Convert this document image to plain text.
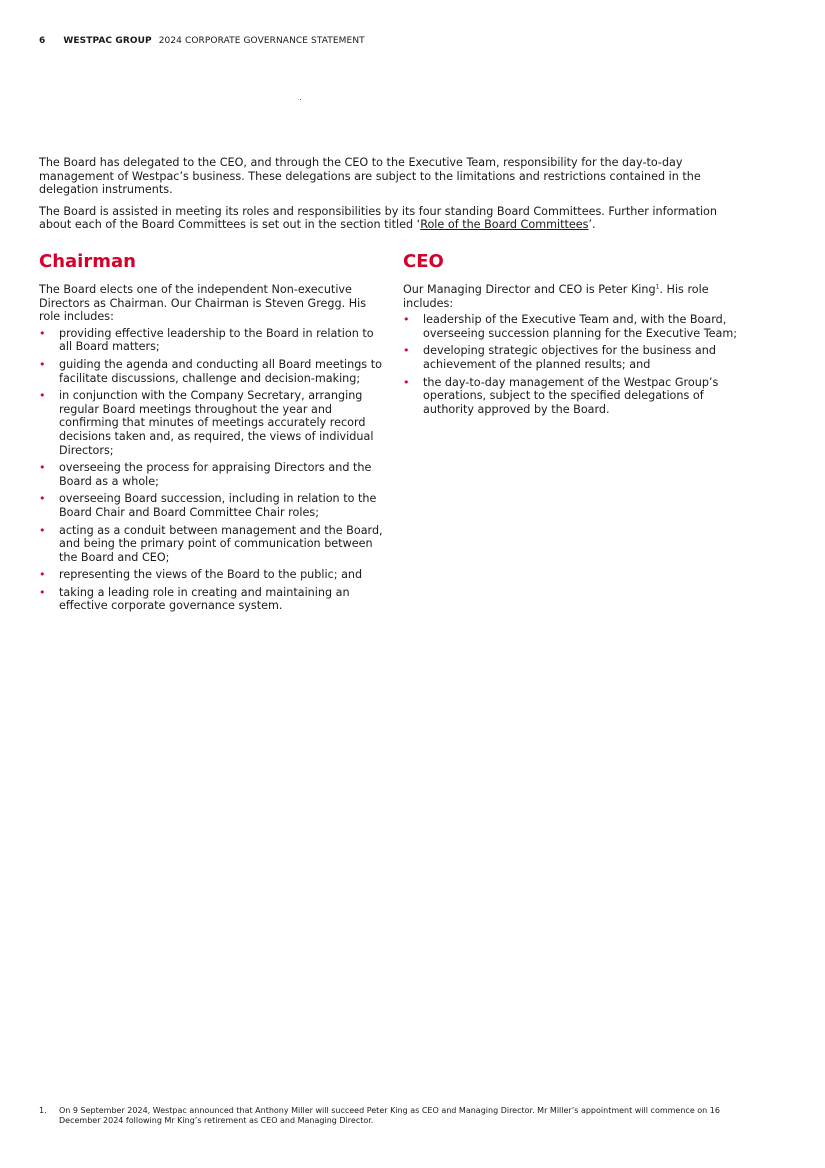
6 WESTPAC GROUP 2024 CORPORATE GOVERNANCE STATEMENT

The Board has delegated to the CEO, and through the CEO to the Executive Team, responsibility for the day-to-day management of Westpac’s business. These delegations are subject to the limitations and restrictions contained in the delegation instruments.

The Board is assisted in meeting its roles and responsibilities by its four standing Board Committees. Further information about each of the Board Committees is set out in the section titled ‘Role of the Board Committees’.

Chairman

The Board elects one of the independent Non-executive Directors as Chairman. Our Chairman is Steven Gregg. His role includes:

• providing effective leadership to the Board in relation to all Board matters;
• guiding the agenda and conducting all Board meetings to facilitate discussions, challenge and decision-making;
• in conjunction with the Company Secretary, arranging regular Board meetings throughout the year and confirming that minutes of meetings accurately record decisions taken and, as required, the views of individual Directors;
• overseeing the process for appraising Directors and the Board as a whole;
• overseeing Board succession, including in relation to the Board Chair and Board Committee Chair roles;
• acting as a conduit between management and the Board, and being the primary point of communication between the Board and CEO;
• representing the views of the Board to the public; and
• taking a leading role in creating and maintaining an effective corporate governance system.
CEO

Our Managing Director and CEO is Peter King$^1$. His role includes:

• leadership of the Executive Team and, with the Board, overseeing succession planning for the Executive Team;
• developing strategic objectives for the business and achievement of the planned results; and
• the day-to-day management of the Westpac Group’s operations, subject to the specified delegations of authority approved by the Board.
1.	On 9 September 2024, Westpac announced that Anthony Miller will succeed Peter King as CEO and Managing Director. Mr Miller’s appointment will commence on 16 December 2024 following Mr King’s retirement as CEO and Managing Director.
